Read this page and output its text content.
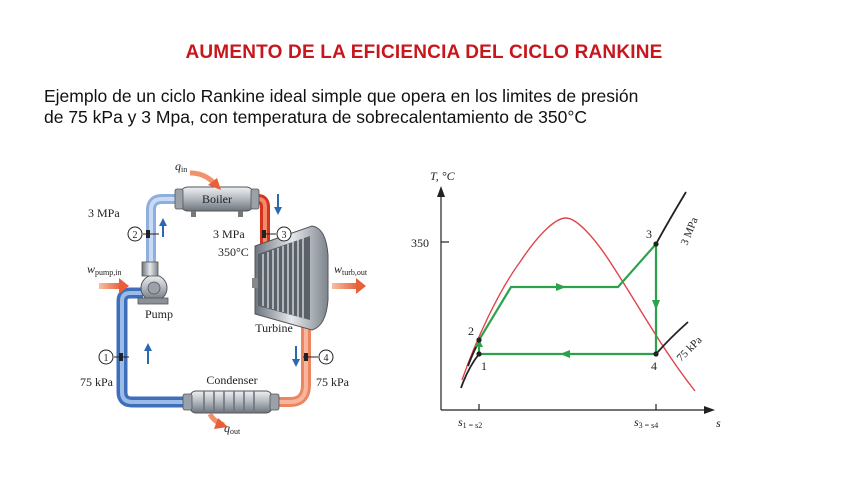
AUMENTO DE LA EFICIENCIA DEL CICLO RANKINE
Ejemplo de un ciclo Rankine ideal simple que opera en los limites de presión
de 75 kPa y 3 Mpa, con temperatura de sobrecalentamiento de 350°C
Boiler
qin
Turbine
wturb,out
Pump
wpump,in
Condenser
qout
2
3 MPa
3
3 MPa
350°C
1
75 kPa
4
75 kPa
T, °C
350
s
s1 = s2	s3 = s4
3 MPa
75 kPa
1
2
3
4
